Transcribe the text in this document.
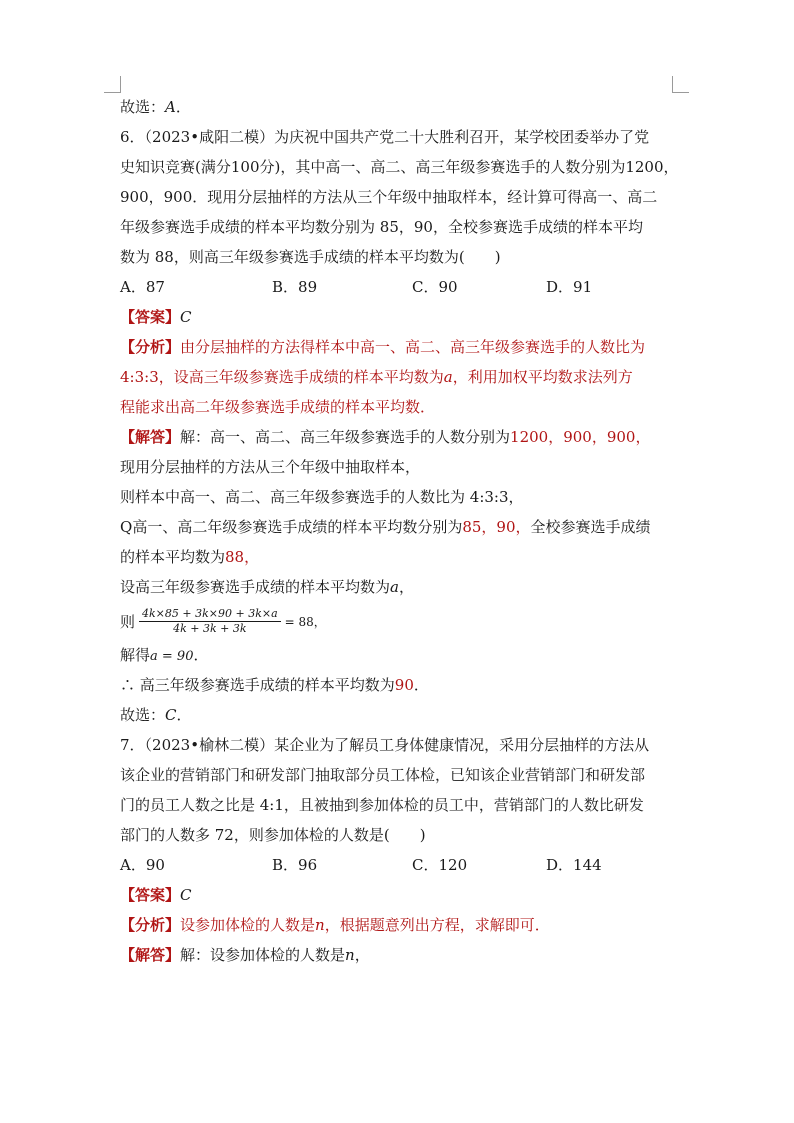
故选：A．
6．（2023•咸阳二模）为庆祝中国共产党二十大胜利召开，某学校团委举办了党
史知识竞赛(满分100分)，其中高一、高二、高三年级参赛选手的人数分别为1200，
900，900．现用分层抽样的方法从三个年级中抽取样本，经计算可得高一、高二
年级参赛选手成绩的样本平均数分别为 85，90，全校参赛选手成绩的样本平均
数为 88，则高三年级参赛选手成绩的样本平均数为(　　)
A．87	B．89	C．90	D．91
【答案】C
【分析】由分层抽样的方法得样本中高一、高二、高三年级参赛选手的人数比为
4:3:3，设高三年级参赛选手成绩的样本平均数为a，利用加权平均数求法列方
程能求出高二年级参赛选手成绩的样本平均数．
【解答】解：高一、高二、高三年级参赛选手的人数分别为1200，900，900，
现用分层抽样的方法从三个年级中抽取样本，
则样本中高一、高二、高三年级参赛选手的人数比为 4:3:3，
Q高一、高二年级参赛选手成绩的样本平均数分别为85，90，全校参赛选手成绩
的样本平均数为88，
设高三年级参赛选手成绩的样本平均数为a，
则 $\frac{4k\times 85 + 3k\times 90 + 3k\times a}{4k + 3k + 3k} = 88$，
解得a = 90．
∴ 高三年级参赛选手成绩的样本平均数为90．
故选：C．
7．（2023•榆林二模）某企业为了解员工身体健康情况，采用分层抽样的方法从
该企业的营销部门和研发部门抽取部分员工体检，已知该企业营销部门和研发部
门的员工人数之比是 4:1，且被抽到参加体检的员工中，营销部门的人数比研发
部门的人数多 72，则参加体检的人数是(　　)
A．90	B．96	C．120	D．144
【答案】C
【分析】设参加体检的人数是n，根据题意列出方程，求解即可．
【解答】解：设参加体检的人数是n，
